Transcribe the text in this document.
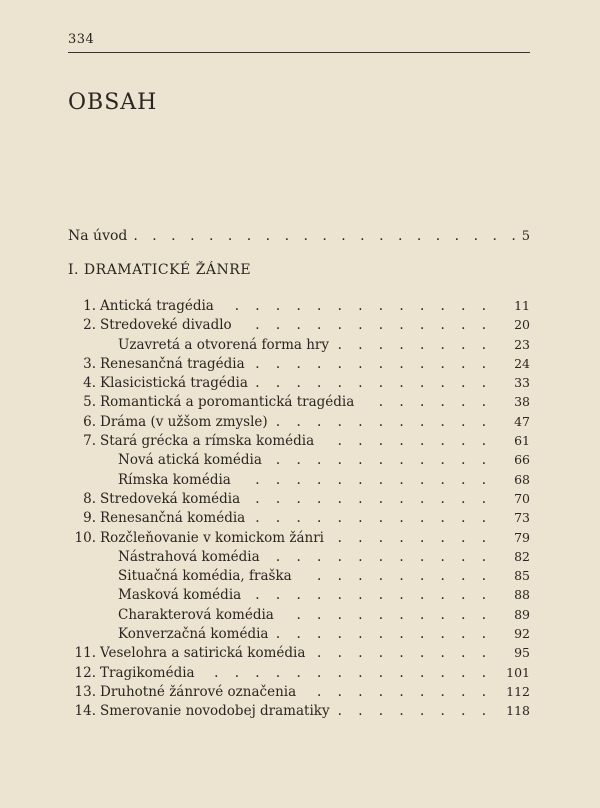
334
OBSAH
Na úvod . . .	5
I. DRAMATICKÉ ŽÁNRE
1. Antická tragédia . . .	11
2. Stredoveké divadlo . . .	20
Uzavretá a otvorená forma hry . . .	23
3. Renesančná tragédia . . .	24
4. Klasicistická tragédia . . .	33
5. Romantická a poromantická tragédia . . .	38
6. Dráma (v užšom zmysle) . . .	47
7. Stará grécka a rímska komédia . . .	61
Nová atická komédia . . .	66
Rímska komédia . . .	68
8. Stredoveká komédia . . .	70
9. Renesančná komédia . . .	73
10. Rozčleňovanie v komickom žánri . . .	79
Nástrahová komédia . . .	82
Situačná komédia, fraška . . .	85
Masková komédia . . .	88
Charakterová komédia . . .	89
Konverzačná komédia . . .	92
11. Veselohra a satirická komédia . . .	95
12. Tragikomédia . . .	101
13. Druhotné žánrové označenia . . .	112
14. Smerovanie novodobej dramatiky . . .	118
